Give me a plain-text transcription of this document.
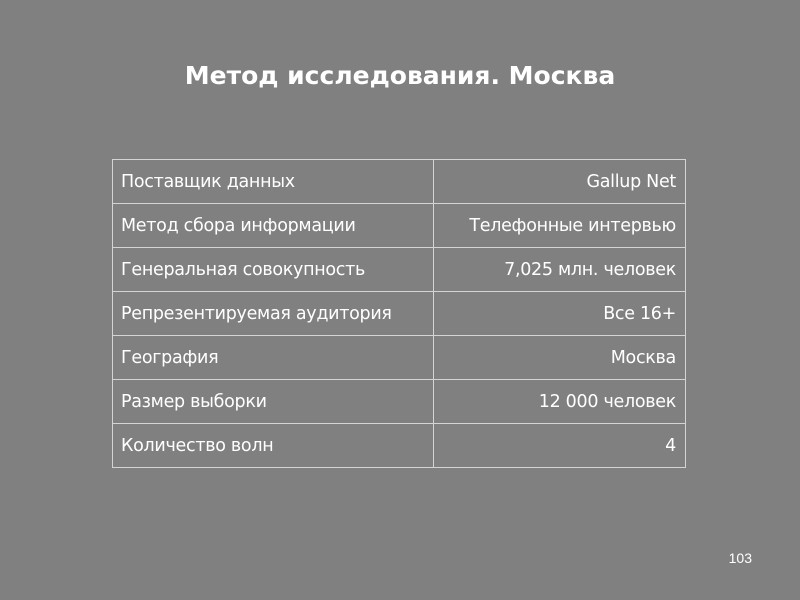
Метод исследования. Москва
Поставщик данных	Gallup Net
Метод сбора информации	Телефонные интервью
Генеральная совокупность	7,025 млн. человек
Репрезентируемая аудитория	Все 16+
География	Москва
Размер выборки	12 000 человек
Количество волн	4
103
